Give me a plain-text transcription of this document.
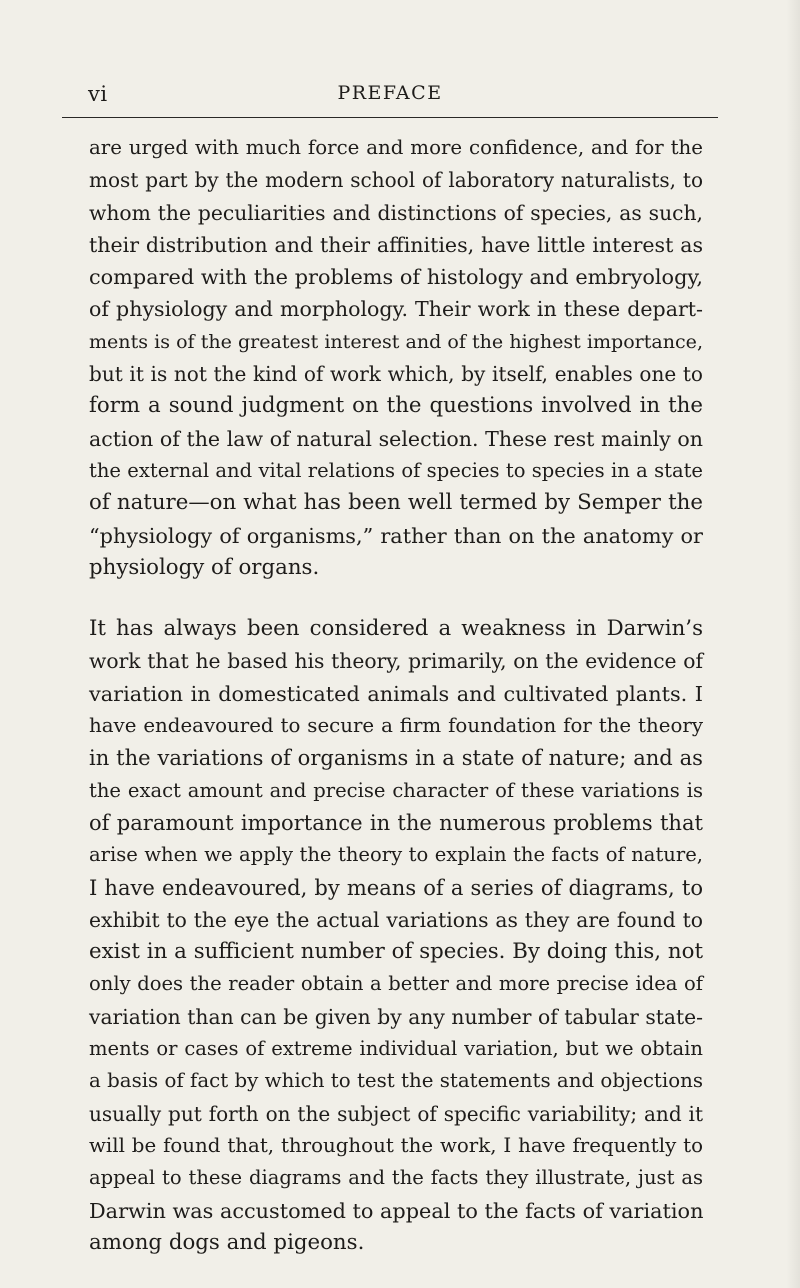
vi	PREFACE

are urged with much force and more confidence, and for the
most part by the modern school of laboratory naturalists, to
whom the peculiarities and distinctions of species, as such,
their distribution and their affinities, have little interest as
compared with the problems of histology and embryology,
of physiology and morphology. Their work in these depart-
ments is of the greatest interest and of the highest importance,
but it is not the kind of work which, by itself, enables one to
form a sound judgment on the questions involved in the
action of the law of natural selection. These rest mainly on
the external and vital relations of species to species in a state
of nature—on what has been well termed by Semper the
“physiology of organisms,” rather than on the anatomy or
physiology of organs.

It has always been considered a weakness in Darwin’s
work that he based his theory, primarily, on the evidence of
variation in domesticated animals and cultivated plants. I
have endeavoured to secure a firm foundation for the theory
in the variations of organisms in a state of nature; and as
the exact amount and precise character of these variations is
of paramount importance in the numerous problems that
arise when we apply the theory to explain the facts of nature,
I have endeavoured, by means of a series of diagrams, to
exhibit to the eye the actual variations as they are found to
exist in a sufficient number of species. By doing this, not
only does the reader obtain a better and more precise idea of
variation than can be given by any number of tabular state-
ments or cases of extreme individual variation, but we obtain
a basis of fact by which to test the statements and objections
usually put forth on the subject of specific variability; and it
will be found that, throughout the work, I have frequently to
appeal to these diagrams and the facts they illustrate, just as
Darwin was accustomed to appeal to the facts of variation
among dogs and pigeons.
